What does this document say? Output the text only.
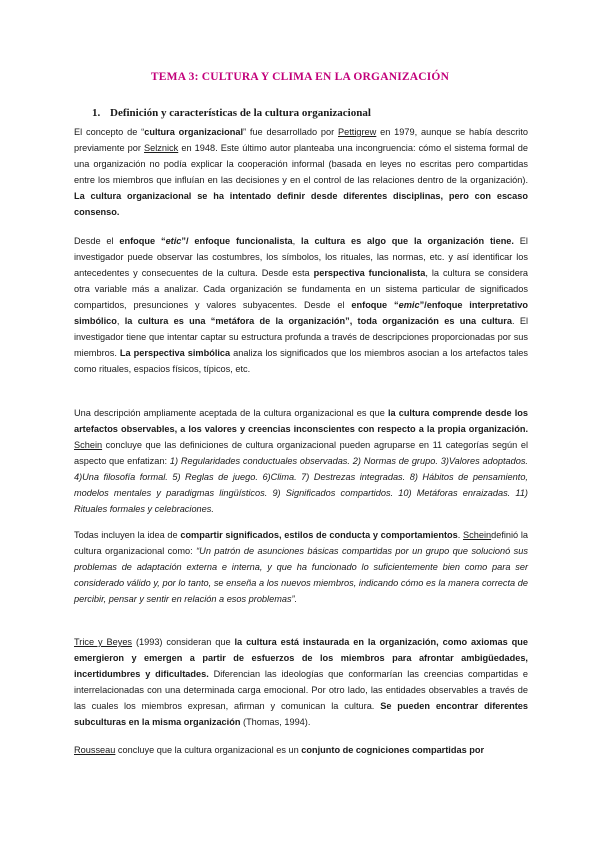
TEMA 3: CULTURA Y CLIMA EN LA ORGANIZACIÓN
1. Definición y características de la cultura organizacional
El concepto de “cultura organizacional” fue desarrollado por Pettigrew en 1979, aunque se había descrito previamente por Selznick en 1948. Este último autor planteaba una incongruencia: cómo el sistema formal de una organización no podía explicar la cooperación informal (basada en leyes no escritas pero compartidas entre los miembros que influían en las decisiones y en el control de las relaciones dentro de la organización). La cultura organizacional se ha intentado definir desde diferentes disciplinas, pero con escaso consenso.
Desde el enfoque “etic”/ enfoque funcionalista, la cultura es algo que la organización tiene. El investigador puede observar las costumbres, los símbolos, los rituales, las normas, etc. y así identificar los antecedentes y consecuentes de la cultura. Desde esta perspectiva funcionalista, la cultura se considera otra variable más a analizar. Cada organización se fundamenta en un sistema particular de significados compartidos, presunciones y valores subyacentes. Desde el enfoque “emic”/enfoque interpretativo simbólico, la cultura es una “metáfora de la organización”, toda organización es una cultura. El investigador tiene que intentar captar su estructura profunda a través de descripciones proporcionadas por sus miembros. La perspectiva simbólica analiza los significados que los miembros asocian a los artefactos tales como rituales, espacios físicos, típicos, etc.
Una descripción ampliamente aceptada de la cultura organizacional es que la cultura comprende desde los artefactos observables, a los valores y creencias inconscientes con respecto a la propia organización. Schein concluye que las definiciones de cultura organizacional pueden agruparse en 11 categorías según el aspecto que enfatizan: 1) Regularidades conductuales observadas. 2) Normas de grupo. 3)Valores adoptados. 4)Una filosofía formal. 5) Reglas de juego. 6)Clima. 7) Destrezas integradas. 8) Hábitos de pensamiento, modelos mentales y paradigmas lingüísticos. 9) Significados compartidos. 10) Metáforas enraizadas. 11) Rituales formales y celebraciones.
Todas incluyen la idea de compartir significados, estilos de conducta y comportamientos. Scheindefinió la cultura organizacional como: “Un patrón de asunciones básicas compartidas por un grupo que solucionó sus problemas de adaptación externa e interna, y que ha funcionado lo suficientemente bien como para ser considerado válido y, por lo tanto, se enseña a los nuevos miembros, indicando cómo es la manera correcta de percibir, pensar y sentir en relación a esos problemas”.
Trice y Beyes (1993) consideran que la cultura está instaurada en la organización, como axiomas que emergieron y emergen a partir de esfuerzos de los miembros para afrontar ambigüedades, incertidumbres y dificultades. Diferencian las ideologías que conformarían las creencias compartidas e interrelacionadas con una determinada carga emocional. Por otro lado, las entidades observables a través de las cuales los miembros expresan, afirman y comunican la cultura. Se pueden encontrar diferentes subculturas en la misma organización (Thomas, 1994).
Rousseau concluye que la cultura organizacional es un conjunto de cogniciones compartidas por
